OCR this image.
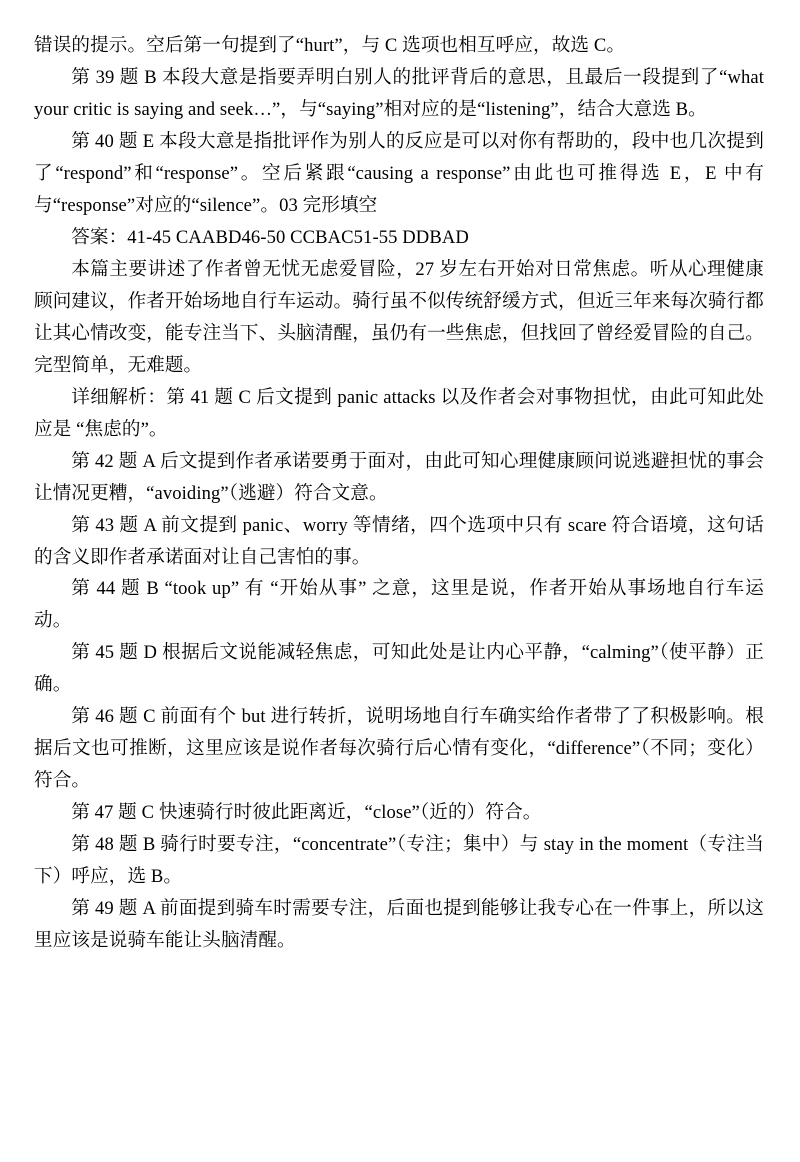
错误的提示。空后第一句提到了“hurt”，与 C 选项也相互呼应，故选 C。

第 39 题 B 本段大意是指要弄明白别人的批评背后的意思，且最后一段提到了“what your critic is saying and seek…”，与“saying”相对应的是“listening”，结合大意选 B。

第 40 题 E 本段大意是指批评作为别人的反应是可以对你有帮助的，段中也几次提到了“respond”和“response”。空后紧跟“causing a response”由此也可推得选 E，E 中有与“response”对应的“silence”。03 完形填空

答案：41-45 CAABD46-50 CCBAC51-55 DDBAD

本篇主要讲述了作者曾无忧无虑爱冒险，27 岁左右开始对日常焦虑。听从心理健康顾问建议，作者开始场地自行车运动。骑行虽不似传统舒缓方式，但近三年来每次骑行都让其心情改变，能专注当下、头脑清醒，虽仍有一些焦虑，但找回了曾经爱冒险的自己。完型简单，无难题。

详细解析：第 41 题 C 后文提到 panic attacks 以及作者会对事物担忧，由此可知此处应是 “焦虑的”。

第 42 题 A 后文提到作者承诺要勇于面对，由此可知心理健康顾问说逃避担忧的事会让情况更糟，“avoiding”（逃避）符合文意。

第 43 题 A 前文提到 panic、worry 等情绪，四个选项中只有 scare 符合语境，这句话的含义即作者承诺面对让自己害怕的事。

第 44 题 B “took up” 有 “开始从事” 之意，这里是说，作者开始从事场地自行车运动。

第 45 题 D 根据后文说能减轻焦虑，可知此处是让内心平静，“calming”（使平静）正确。

第 46 题 C 前面有个 but 进行转折，说明场地自行车确实给作者带了了积极影响。根据后文也可推断，这里应该是说作者每次骑行后心情有变化，“difference”（不同；变化）符合。

第 47 题 C 快速骑行时彼此距离近，“close”（近的）符合。

第 48 题 B 骑行时要专注，“concentrate”（专注；集中）与 stay in the moment（专注当下）呼应，选 B。

第 49 题 A 前面提到骑车时需要专注，后面也提到能够让我专心在一件事上，所以这里应该是说骑车能让头脑清醒。
